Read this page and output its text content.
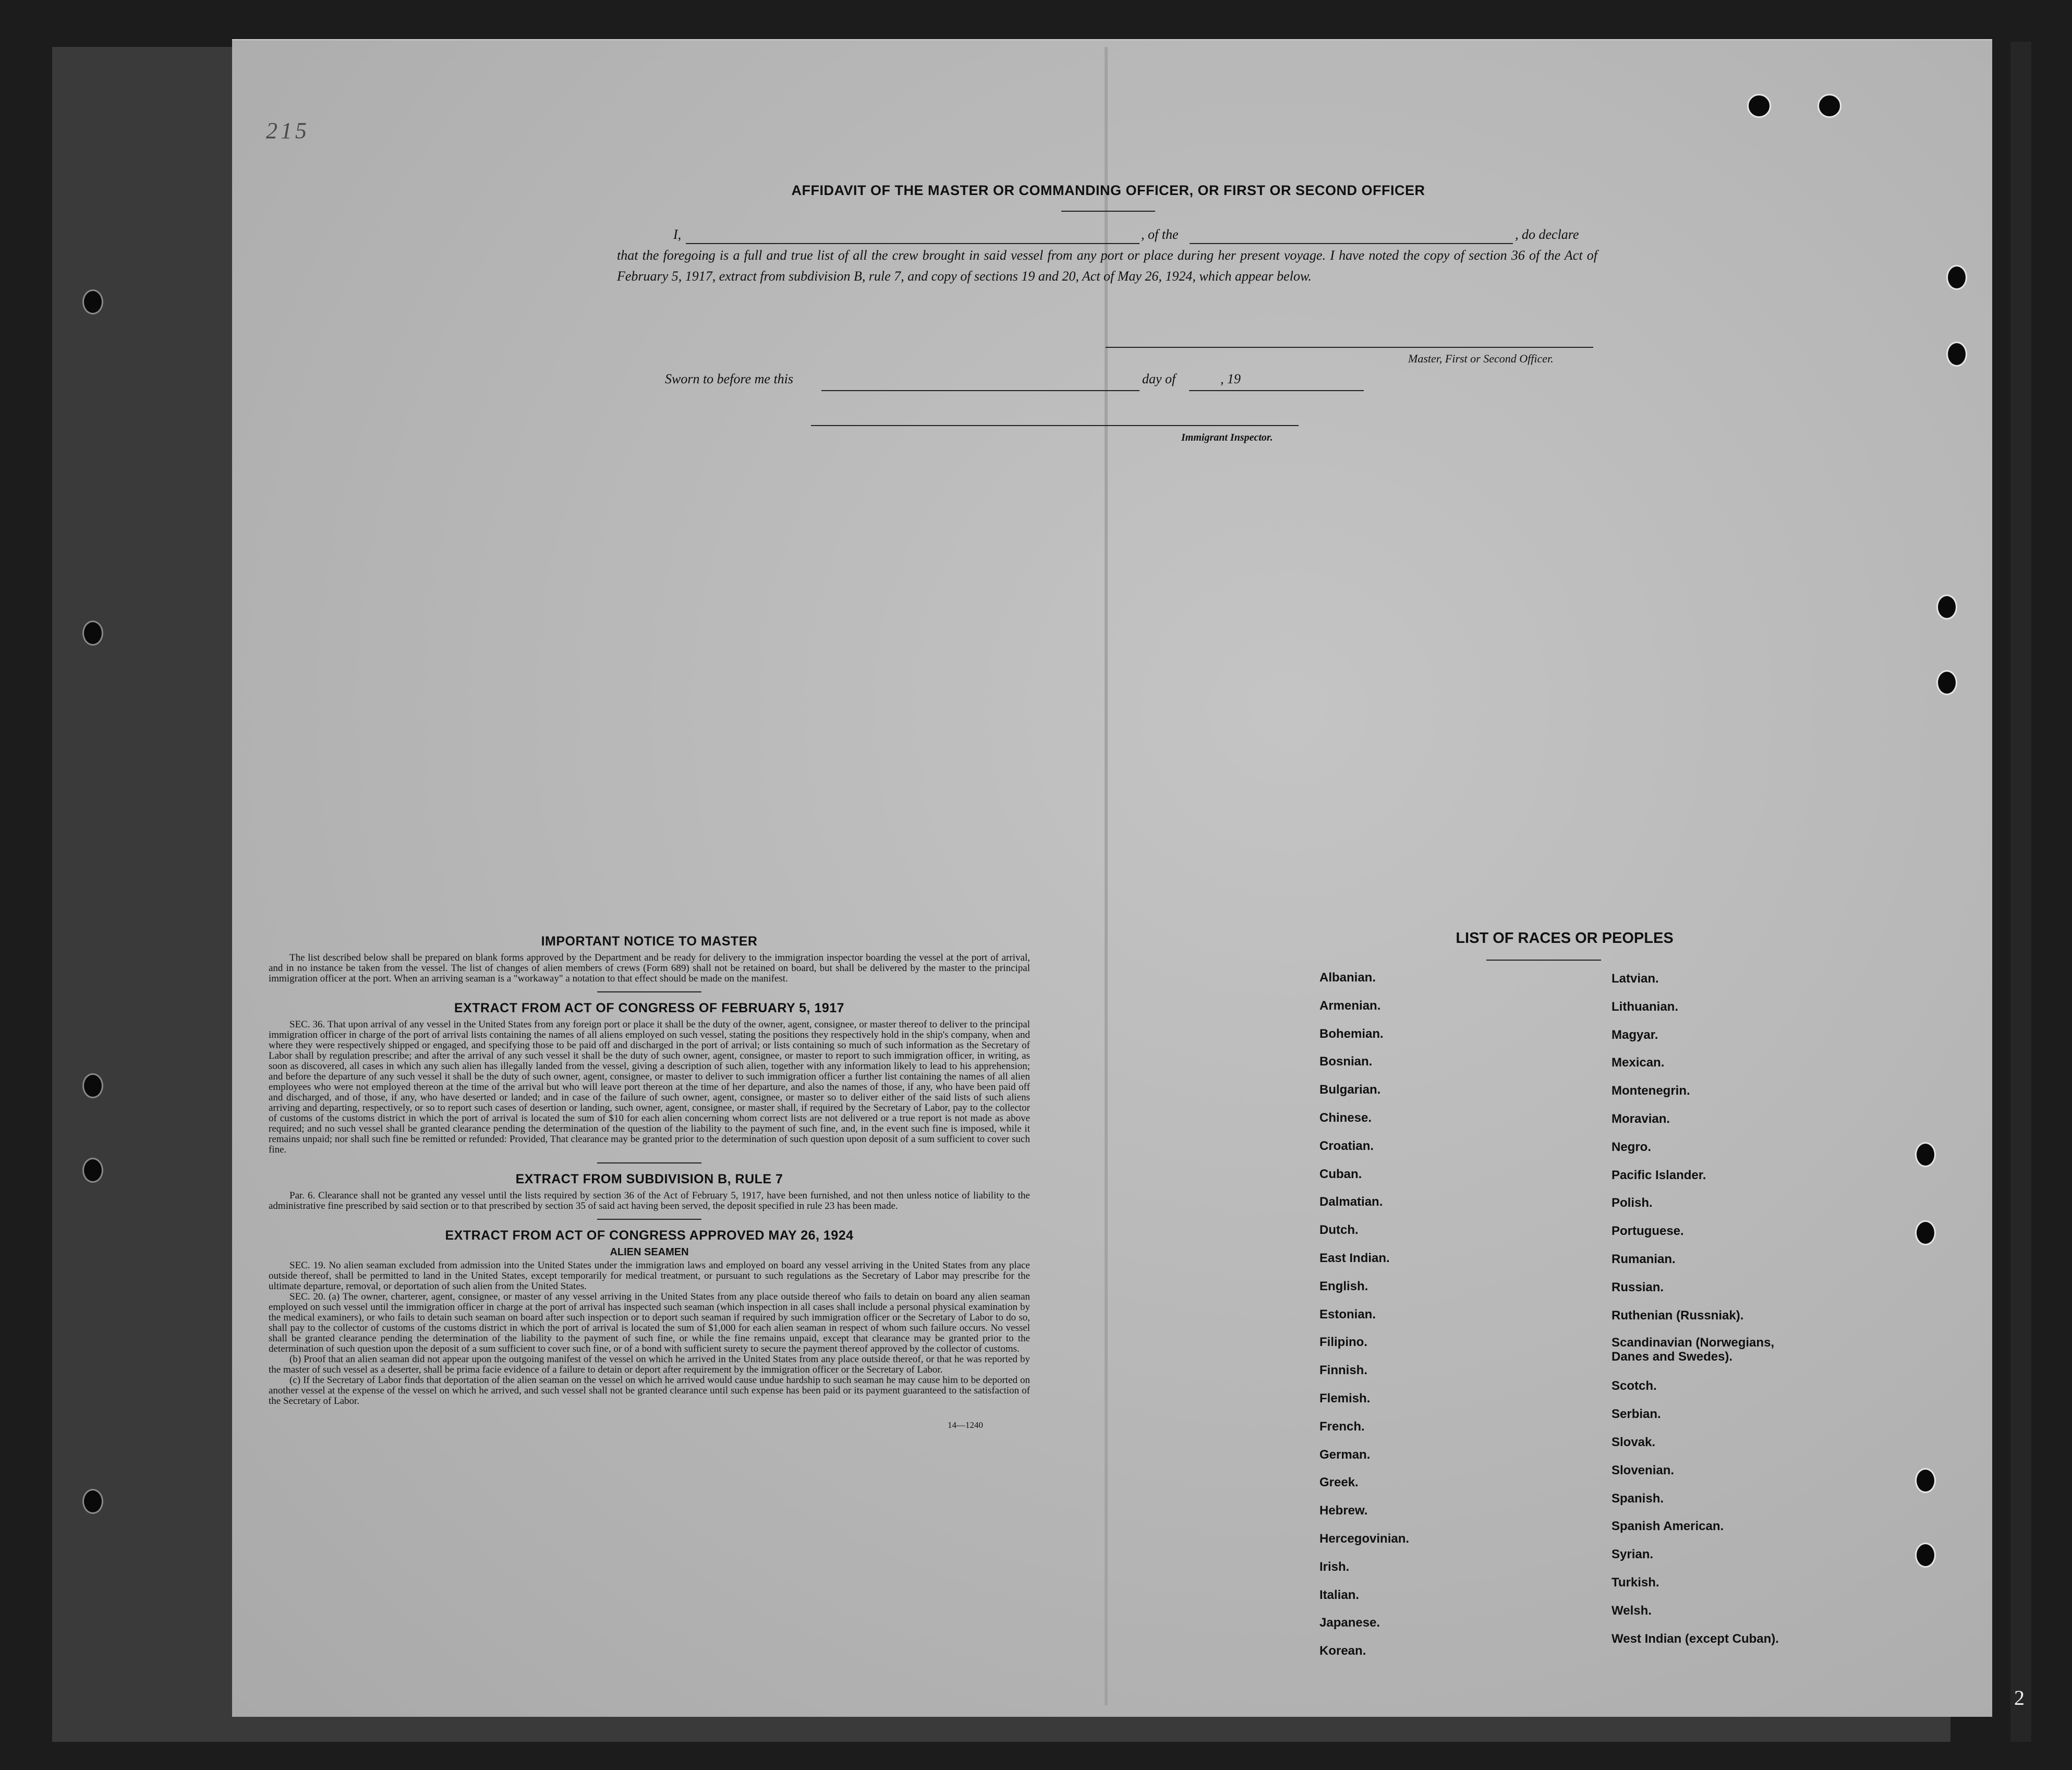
215
2
AFFIDAVIT OF THE MASTER OR COMMANDING OFFICER, OR FIRST OR SECOND OFFICER
I,	, of the	, do declare
that the foregoing is a full and true list of all the crew brought in said vessel from any port or place during her present voyage. I have noted the copy of section 36 of the Act of February 5, 1917, extract from subdivision B, rule 7, and copy of sections 19 and 20, Act of May 26, 1924, which appear below.
Master, First or Second Officer.
Sworn to before me this	day of	, 19
Immigrant Inspector.
IMPORTANT NOTICE TO MASTER

The list described below shall be prepared on blank forms approved by the Department and be ready for delivery to the immigration inspector boarding the vessel at the port of arrival, and in no instance be taken from the vessel. The list of changes of alien members of crews (Form 689) shall not be retained on board, but shall be delivered by the master to the principal immigration officer at the port. When an arriving seaman is a "workaway" a notation to that effect should be made on the manifest.

EXTRACT FROM ACT OF CONGRESS OF FEBRUARY 5, 1917

SEC. 36. That upon arrival of any vessel in the United States from any foreign port or place it shall be the duty of the owner, agent, consignee, or master thereof to deliver to the principal immigration officer in charge of the port of arrival lists containing the names of all aliens employed on such vessel, stating the positions they respectively hold in the ship's company, when and where they were respectively shipped or engaged, and specifying those to be paid off and discharged in the port of arrival; or lists containing so much of such information as the Secretary of Labor shall by regulation prescribe; and after the arrival of any such vessel it shall be the duty of such owner, agent, consignee, or master to report to such immigration officer, in writing, as soon as discovered, all cases in which any such alien has illegally landed from the vessel, giving a description of such alien, together with any information likely to lead to his apprehension; and before the departure of any such vessel it shall be the duty of such owner, agent, consignee, or master to deliver to such immigration officer a further list containing the names of all alien employees who were not employed thereon at the time of the arrival but who will leave port thereon at the time of her departure, and also the names of those, if any, who have been paid off and discharged, and of those, if any, who have deserted or landed; and in case of the failure of such owner, agent, consignee, or master so to deliver either of the said lists of such aliens arriving and departing, respectively, or so to report such cases of desertion or landing, such owner, agent, consignee, or master shall, if required by the Secretary of Labor, pay to the collector of customs of the customs district in which the port of arrival is located the sum of $10 for each alien concerning whom correct lists are not delivered or a true report is not made as above required; and no such vessel shall be granted clearance pending the determination of the question of the liability to the payment of such fine, and, in the event such fine is imposed, while it remains unpaid; nor shall such fine be remitted or refunded: Provided, That clearance may be granted prior to the determination of such question upon deposit of a sum sufficient to cover such fine.

EXTRACT FROM SUBDIVISION B, RULE 7

Par. 6. Clearance shall not be granted any vessel until the lists required by section 36 of the Act of February 5, 1917, have been furnished, and not then unless notice of liability to the administrative fine prescribed by said section or to that prescribed by section 35 of said act having been served, the deposit specified in rule 23 has been made.

EXTRACT FROM ACT OF CONGRESS APPROVED MAY 26, 1924
ALIEN SEAMEN

SEC. 19. No alien seaman excluded from admission into the United States under the immigration laws and employed on board any vessel arriving in the United States from any place outside thereof, shall be permitted to land in the United States, except temporarily for medical treatment, or pursuant to such regulations as the Secretary of Labor may prescribe for the ultimate departure, removal, or deportation of such alien from the United States.

SEC. 20. (a) The owner, charterer, agent, consignee, or master of any vessel arriving in the United States from any place outside thereof who fails to detain on board any alien seaman employed on such vessel until the immigration officer in charge at the port of arrival has inspected such seaman (which inspection in all cases shall include a personal physical examination by the medical examiners), or who fails to detain such seaman on board after such inspection or to deport such seaman if required by such immigration officer or the Secretary of Labor to do so, shall pay to the collector of customs of the customs district in which the port of arrival is located the sum of $1,000 for each alien seaman in respect of whom such failure occurs. No vessel shall be granted clearance pending the determination of the liability to the payment of such fine, or while the fine remains unpaid, except that clearance may be granted prior to the determination of such question upon the deposit of a sum sufficient to cover such fine, or of a bond with sufficient surety to secure the payment thereof approved by the collector of customs.

(b) Proof that an alien seaman did not appear upon the outgoing manifest of the vessel on which he arrived in the United States from any place outside thereof, or that he was reported by the master of such vessel as a deserter, shall be prima facie evidence of a failure to detain or deport after requirement by the immigration officer or the Secretary of Labor.

(c) If the Secretary of Labor finds that deportation of the alien seaman on the vessel on which he arrived would cause undue hardship to such seaman he may cause him to be deported on another vessel at the expense of the vessel on which he arrived, and such vessel shall not be granted clearance until such expense has been paid or its payment guaranteed to the satisfaction of the Secretary of Labor.

14—1240
LIST OF RACES OR PEOPLES
Albanian.
Armenian.
Bohemian.
Bosnian.
Bulgarian.
Chinese.
Croatian.
Cuban.
Dalmatian.
Dutch.
East Indian.
English.
Estonian.
Filipino.
Finnish.
Flemish.
French.
German.
Greek.
Hebrew.
Hercegovinian.
Irish.
Italian.
Japanese.
Korean.
Latvian.
Lithuanian.
Magyar.
Mexican.
Montenegrin.
Moravian.
Negro.
Pacific Islander.
Polish.
Portuguese.
Rumanian.
Russian.
Ruthenian (Russniak).
Scandinavian (Norwegians, Danes and Swedes).
Scotch.
Serbian.
Slovak.
Slovenian.
Spanish.
Spanish American.
Syrian.
Turkish.
Welsh.
West Indian (except Cuban).
